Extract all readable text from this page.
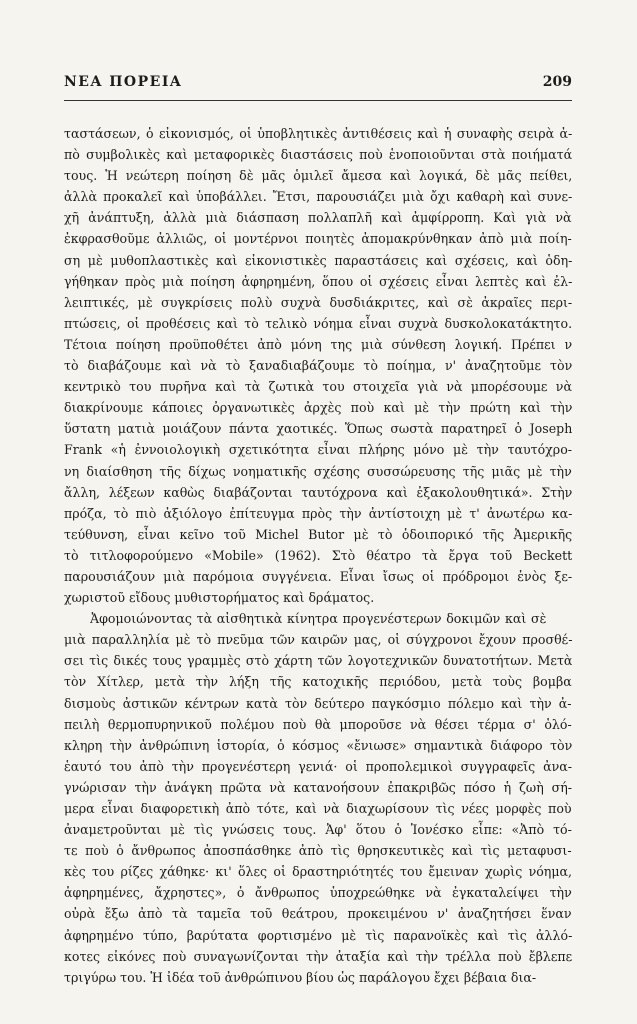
ΝΕΑ ΠΟΡΕΙΑ	209
ταστάσεων, ὁ εἰκονισμός, οἱ ὑποβλητικὲς ἀντιθέσεις καὶ ἡ συναφὴς σειρὰ ἀ-
πὸ συμβολικὲς καὶ μεταφορικὲς διαστάσεις ποὺ ἑνοποιοῦνται στὰ ποιήματά
τους. Ἡ νεώτερη ποίηση δὲ μᾶς ὁμιλεῖ ἄμεσα καὶ λογικά, δὲ μᾶς πείθει,
ἀλλὰ προκαλεῖ καὶ ὑποβάλλει. Ἔτσι, παρουσιάζει μιὰ ὄχι καθαρὴ καὶ συνε-
χῆ ἀνάπτυξη, ἀλλὰ μιὰ διάσπαση πολλαπλῆ καὶ ἀμφίρροπη. Καὶ γιὰ νὰ
ἐκφρασθοῦμε ἀλλιῶς, οἱ μοντέρνοι ποιητὲς ἀπομακρύνθηκαν ἀπὸ μιὰ ποίη-
ση μὲ μυθοπλαστικὲς καὶ εἰκονιστικὲς παραστάσεις καὶ σχέσεις, καὶ ὁδη-
γήθηκαν πρὸς μιὰ ποίηση ἀφηρημένη, ὅπου οἱ σχέσεις εἶναι λεπτὲς καὶ ἐλ-
λειπτικές, μὲ συγκρίσεις πολὺ συχνὰ δυσδιάκριτες, καὶ σὲ ἀκραῖες περι-
πτώσεις, οἱ προθέσεις καὶ τὸ τελικὸ νόημα εἶναι συχνὰ δυσκολοκατάκτητο.
Τέτοια ποίηση προϋποθέτει ἀπὸ μόνη της μιὰ σύνθεση λογική. Πρέπει ν
τὸ διαβάζουμε καὶ νὰ τὸ ξαναδιαβάζουμε τὸ ποίημα, ν' ἀναζητοῦμε τὸν
κεντρικὸ του πυρῆνα καὶ τὰ ζωτικὰ του στοιχεῖα γιὰ νὰ μπορέσουμε νὰ
διακρίνουμε κάποιες ὀργανωτικὲς ἀρχὲς ποὺ καὶ μὲ τὴν πρώτη καὶ τὴν
ὕστατη ματιὰ μοιάζουν πάντα χαοτικές. Ὅπως σωστὰ παρατηρεῖ ὁ Joseph
Frank «ἡ ἐννοιολογικὴ σχετικότητα εἶναι πλήρης μόνο μὲ τὴν ταυτόχρο-
νη διαίσθηση τῆς δίχως νοηματικῆς σχέσης συσσώρευσης τῆς μιᾶς μὲ τὴν
ἄλλη, λέξεων καθὼς διαβάζονται ταυτόχρονα καὶ ἐξακολουθητικά». Στὴν
πρόζα, τὸ πιὸ ἀξιόλογο ἐπίτευγμα πρὸς τὴν ἀντίστοιχη μὲ τ' ἀνωτέρω κα-
τεύθυνση, εἶναι κεῖνο τοῦ Michel Butor μὲ τὸ ὁδοιπορικό τῆς Ἀμερικῆς
τὸ τιτλοφορούμενο «Mobile» (1962). Στὸ θέατρο τὰ ἔργα τοῦ Beckett
παρουσιάζουν μιὰ παρόμοια συγγένεια. Εἶναι ἴσως οἱ πρόδρομοι ἑνὸς ξε-
χωριστοῦ εἴδους μυθιστορήματος καὶ δράματος.
Ἀφομοιώνοντας τὰ αἰσθητικὰ κίνητρα προγενέστερων δοκιμῶν καὶ σὲ
μιὰ παραλληλία μὲ τὸ πνεῦμα τῶν καιρῶν μας, οἱ σύγχρονοι ἔχουν προσθέ-
σει τὶς δικές τους γραμμὲς στὸ χάρτη τῶν λογοτεχνικῶν δυνατοτήτων. Μετὰ
τὸν Χίτλερ, μετὰ τὴν λήξη τῆς κατοχικῆς περιόδου, μετὰ τοὺς βομβα
δισμοὺς ἀστικῶν κέντρων κατὰ τὸν δεύτερο παγκόσμιο πόλεμο καὶ τὴν ἀ-
πειλὴ θερμοπυρηνικοῦ πολέμου ποὺ θὰ μποροῦσε νὰ θέσει τέρμα σ' ὁλό-
κληρη τὴν ἀνθρώπινη ἱστορία, ὁ κόσμος «ἔνιωσε» σημαντικὰ διάφορο τὸν
ἑαυτό του ἀπὸ τὴν προγενέστερη γενιά· οἱ προπολεμικοὶ συγγραφεῖς ἀνα-
γνώρισαν τὴν ἀνάγκη πρῶτα νὰ κατανοήσουν ἐπακριβῶς πόσο ἡ ζωὴ σή-
μερα εἶναι διαφορετικὴ ἀπὸ τότε, καὶ νὰ διαχωρίσουν τὶς νέες μορφὲς ποὺ
ἀναμετροῦνται μὲ τὶς γνώσεις τους. Ἀφ' ὅτου ὁ Ἰονέσκο εἶπε: «Ἀπὸ τό-
τε ποὺ ὁ ἄνθρωπος ἀποσπάσθηκε ἀπὸ τὶς θρησκευτικὲς καὶ τὶς μεταφυσι-
κὲς του ρίζες χάθηκε· κι' ὅλες οἱ δραστηριότητές του ἔμειναν χωρὶς νόημα,
ἀφηρημένες, ἄχρηστες», ὁ ἄνθρωπος ὑποχρεώθηκε νὰ ἐγκαταλείψει τὴν
οὐρὰ ἔξω ἀπὸ τὰ ταμεῖα τοῦ θεάτρου, προκειμένου ν' ἀναζητήσει ἕναν
ἀφηρημένο τύπο, βαρύτατα φορτισμένο μὲ τὶς παρανοϊκὲς καὶ τὶς ἀλλό-
κοτες εἰκόνες ποὺ συναγωνίζονται τὴν ἀταξία καὶ τὴν τρέλλα ποὺ ἔβλεπε
τριγύρω του. Ἡ ἰδέα τοῦ ἀνθρώπινου βίου ὡς παράλογου ἔχει βέβαια δια-
